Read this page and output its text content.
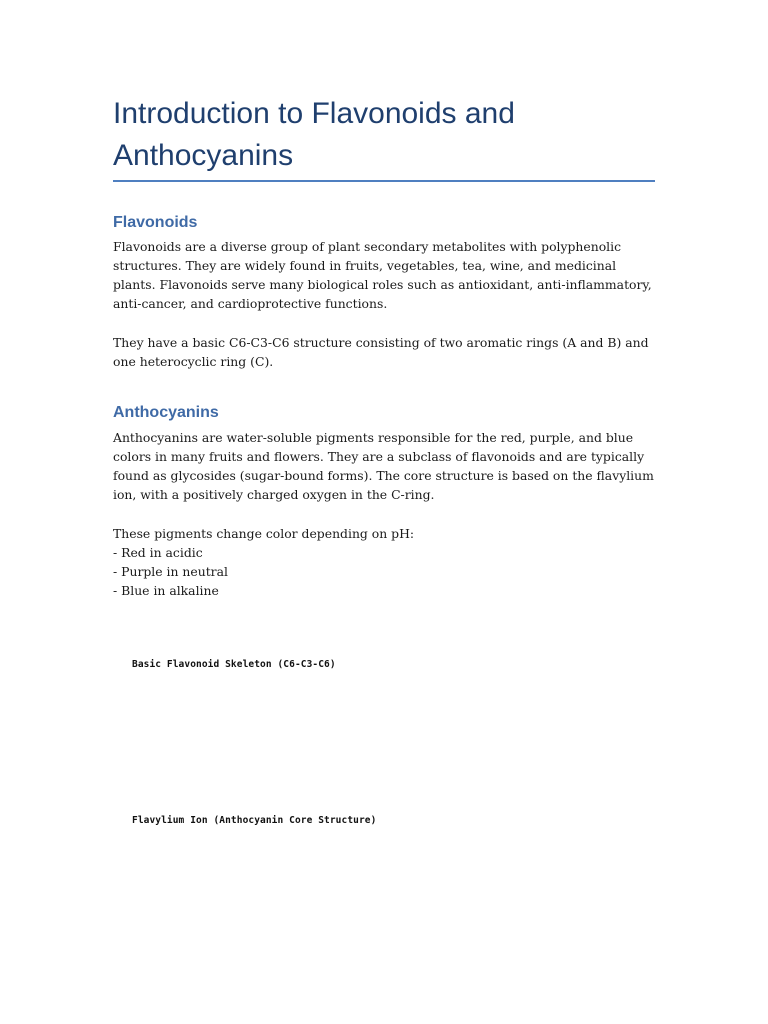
Introduction to Flavonoids and Anthocyanins
Flavonoids

Flavonoids are a diverse group of plant secondary metabolites with polyphenolic structures. They are widely found in fruits, vegetables, tea, wine, and medicinal plants. Flavonoids serve many biological roles such as antioxidant, anti-inflammatory, anti-cancer, and cardioprotective functions.

They have a basic C6-C3-C6 structure consisting of two aromatic rings (A and B) and one heterocyclic ring (C).

Anthocyanins

Anthocyanins are water-soluble pigments responsible for the red, purple, and blue colors in many fruits and flowers. They are a subclass of flavonoids and are typically found as glycosides (sugar-bound forms). The core structure is based on the flavylium ion, with a positively charged oxygen in the C-ring.

These pigments change color depending on pH:

- Red in acidic
- Purple in neutral
- Blue in alkaline
Basic Flavonoid Skeleton (C6-C3-C6)
Flavylium Ion (Anthocyanin Core Structure)
